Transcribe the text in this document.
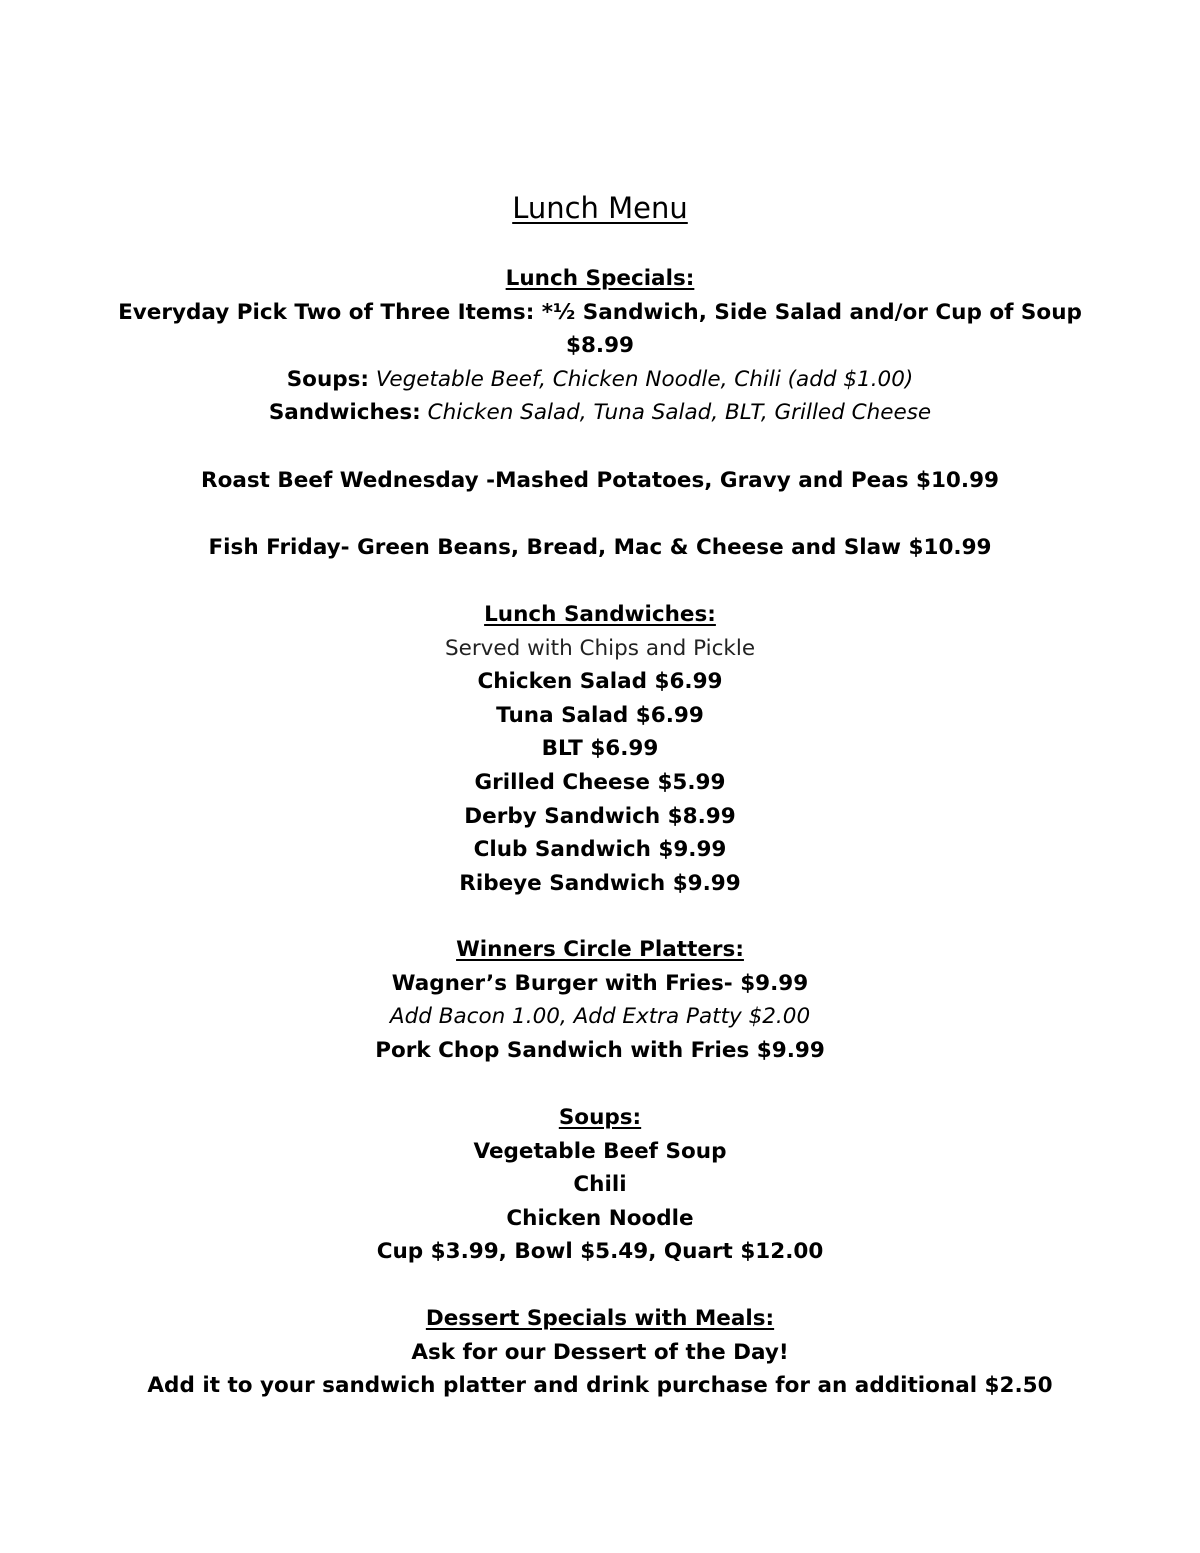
Lunch Menu
Lunch Specials:
Everyday Pick Two of Three Items: *½ Sandwich, Side Salad and/or Cup of Soup
$8.99
Soups: Vegetable Beef, Chicken Noodle, Chili (add $1.00)
Sandwiches: Chicken Salad, Tuna Salad, BLT, Grilled Cheese
Roast Beef Wednesday -Mashed Potatoes, Gravy and Peas $10.99
Fish Friday- Green Beans, Bread, Mac & Cheese and Slaw $10.99
Lunch Sandwiches:
Served with Chips and Pickle
Chicken Salad $6.99
Tuna Salad $6.99
BLT $6.99
Grilled Cheese $5.99
Derby Sandwich $8.99
Club Sandwich $9.99
Ribeye Sandwich $9.99
Winners Circle Platters:
Wagner’s Burger with Fries- $9.99
Add Bacon 1.00, Add Extra Patty $2.00
Pork Chop Sandwich with Fries $9.99
Soups:
Vegetable Beef Soup
Chili
Chicken Noodle
Cup $3.99, Bowl $5.49, Quart $12.00
Dessert Specials with Meals:
Ask for our Dessert of the Day!
Add it to your sandwich platter and drink purchase for an additional $2.50
